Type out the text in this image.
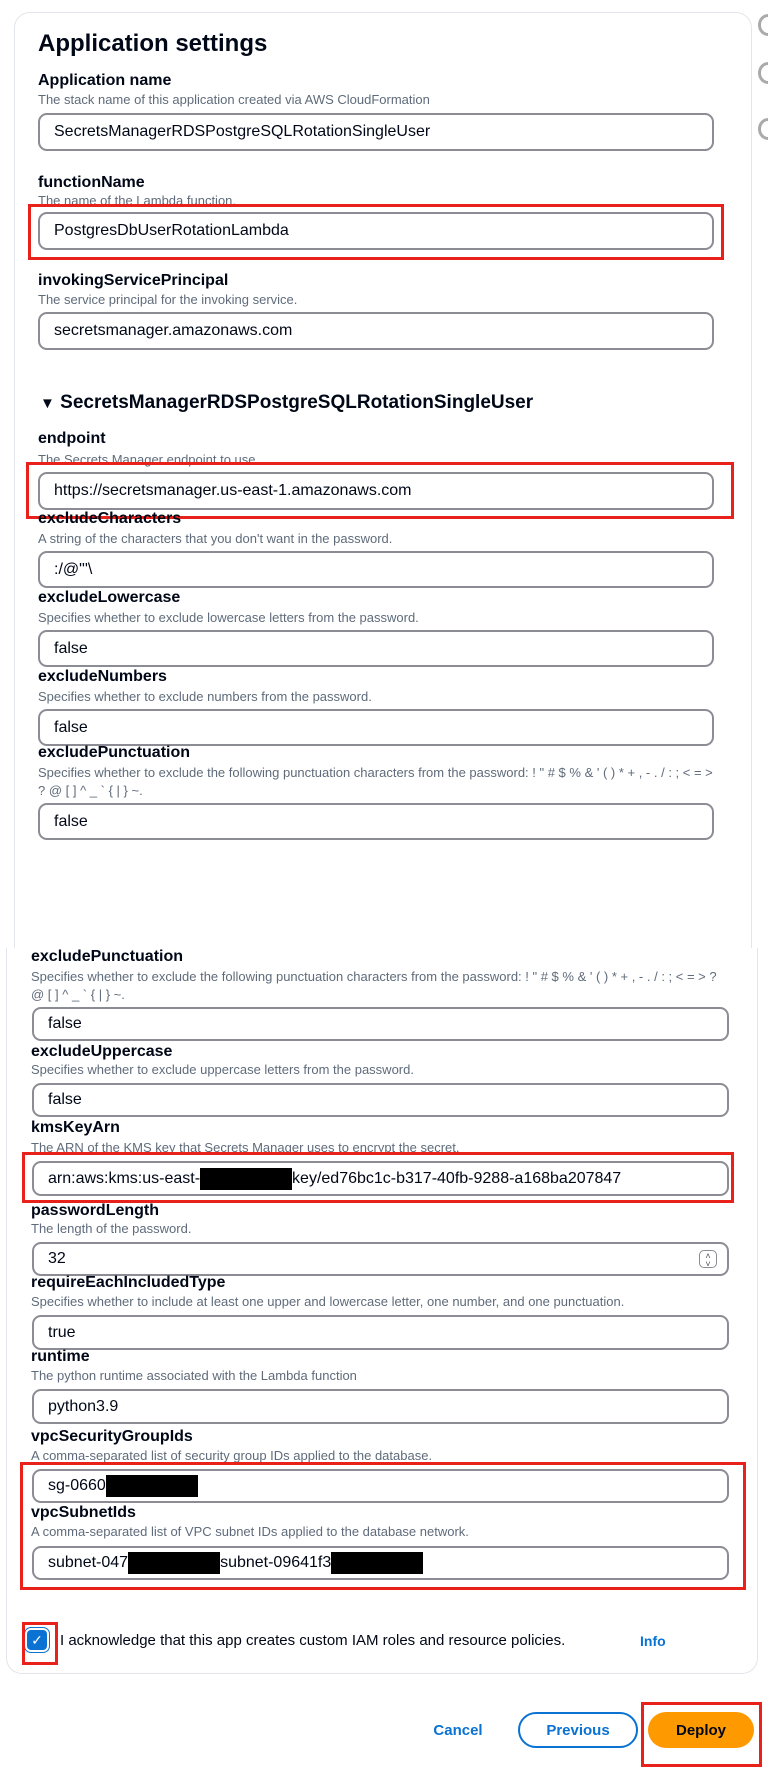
Application settings
Application name
The stack name of this application created via AWS CloudFormation
SecretsManagerRDSPostgreSQLRotationSingleUser
functionName
The name of the Lambda function.
PostgresDbUserRotationLambda
invokingServicePrincipal
The service principal for the invoking service.
secretsmanager.amazonaws.com
▼ SecretsManagerRDSPostgreSQLRotationSingleUser
endpoint
The Secrets Manager endpoint to use.
https://secretsmanager.us-east-1.amazonaws.com
excludeCharacters
A string of the characters that you don't want in the password.
:/@"'\
excludeLowercase
Specifies whether to exclude lowercase letters from the password.
false
excludeNumbers
Specifies whether to exclude numbers from the password.
false
excludePunctuation
Specifies whether to exclude the following punctuation characters from the password: ! " # $ % & ' ( ) * + , - . / : ; < = > ? @ [ ] ^ _ ` { | } ~.
false
excludePunctuation
Specifies whether to exclude the following punctuation characters from the password: ! " # $ % & ' ( ) * + , - . / : ; < = > ? @ [ ] ^ _ ` { | } ~.
false
excludeUppercase
Specifies whether to exclude uppercase letters from the password.
false
kmsKeyArn
The ARN of the KMS key that Secrets Manager uses to encrypt the secret.
arn:aws:kms:us-east-	key/ed76bc1c-b317-40fb-9288-a168ba207847
passwordLength
The length of the password.
32	˄
˅
requireEachIncludedType
Specifies whether to include at least one upper and lowercase letter, one number, and one punctuation.
true
runtime
The python runtime associated with the Lambda function
python3.9
vpcSecurityGroupIds
A comma-separated list of security group IDs applied to the database.
sg-0660
vpcSubnetIds
A comma-separated list of VPC subnet IDs applied to the database network.
subnet-047	subnet-09641f3
✓ I acknowledge that this app creates custom IAM roles and resource policies.	Info
Cancel	Previous	Deploy
